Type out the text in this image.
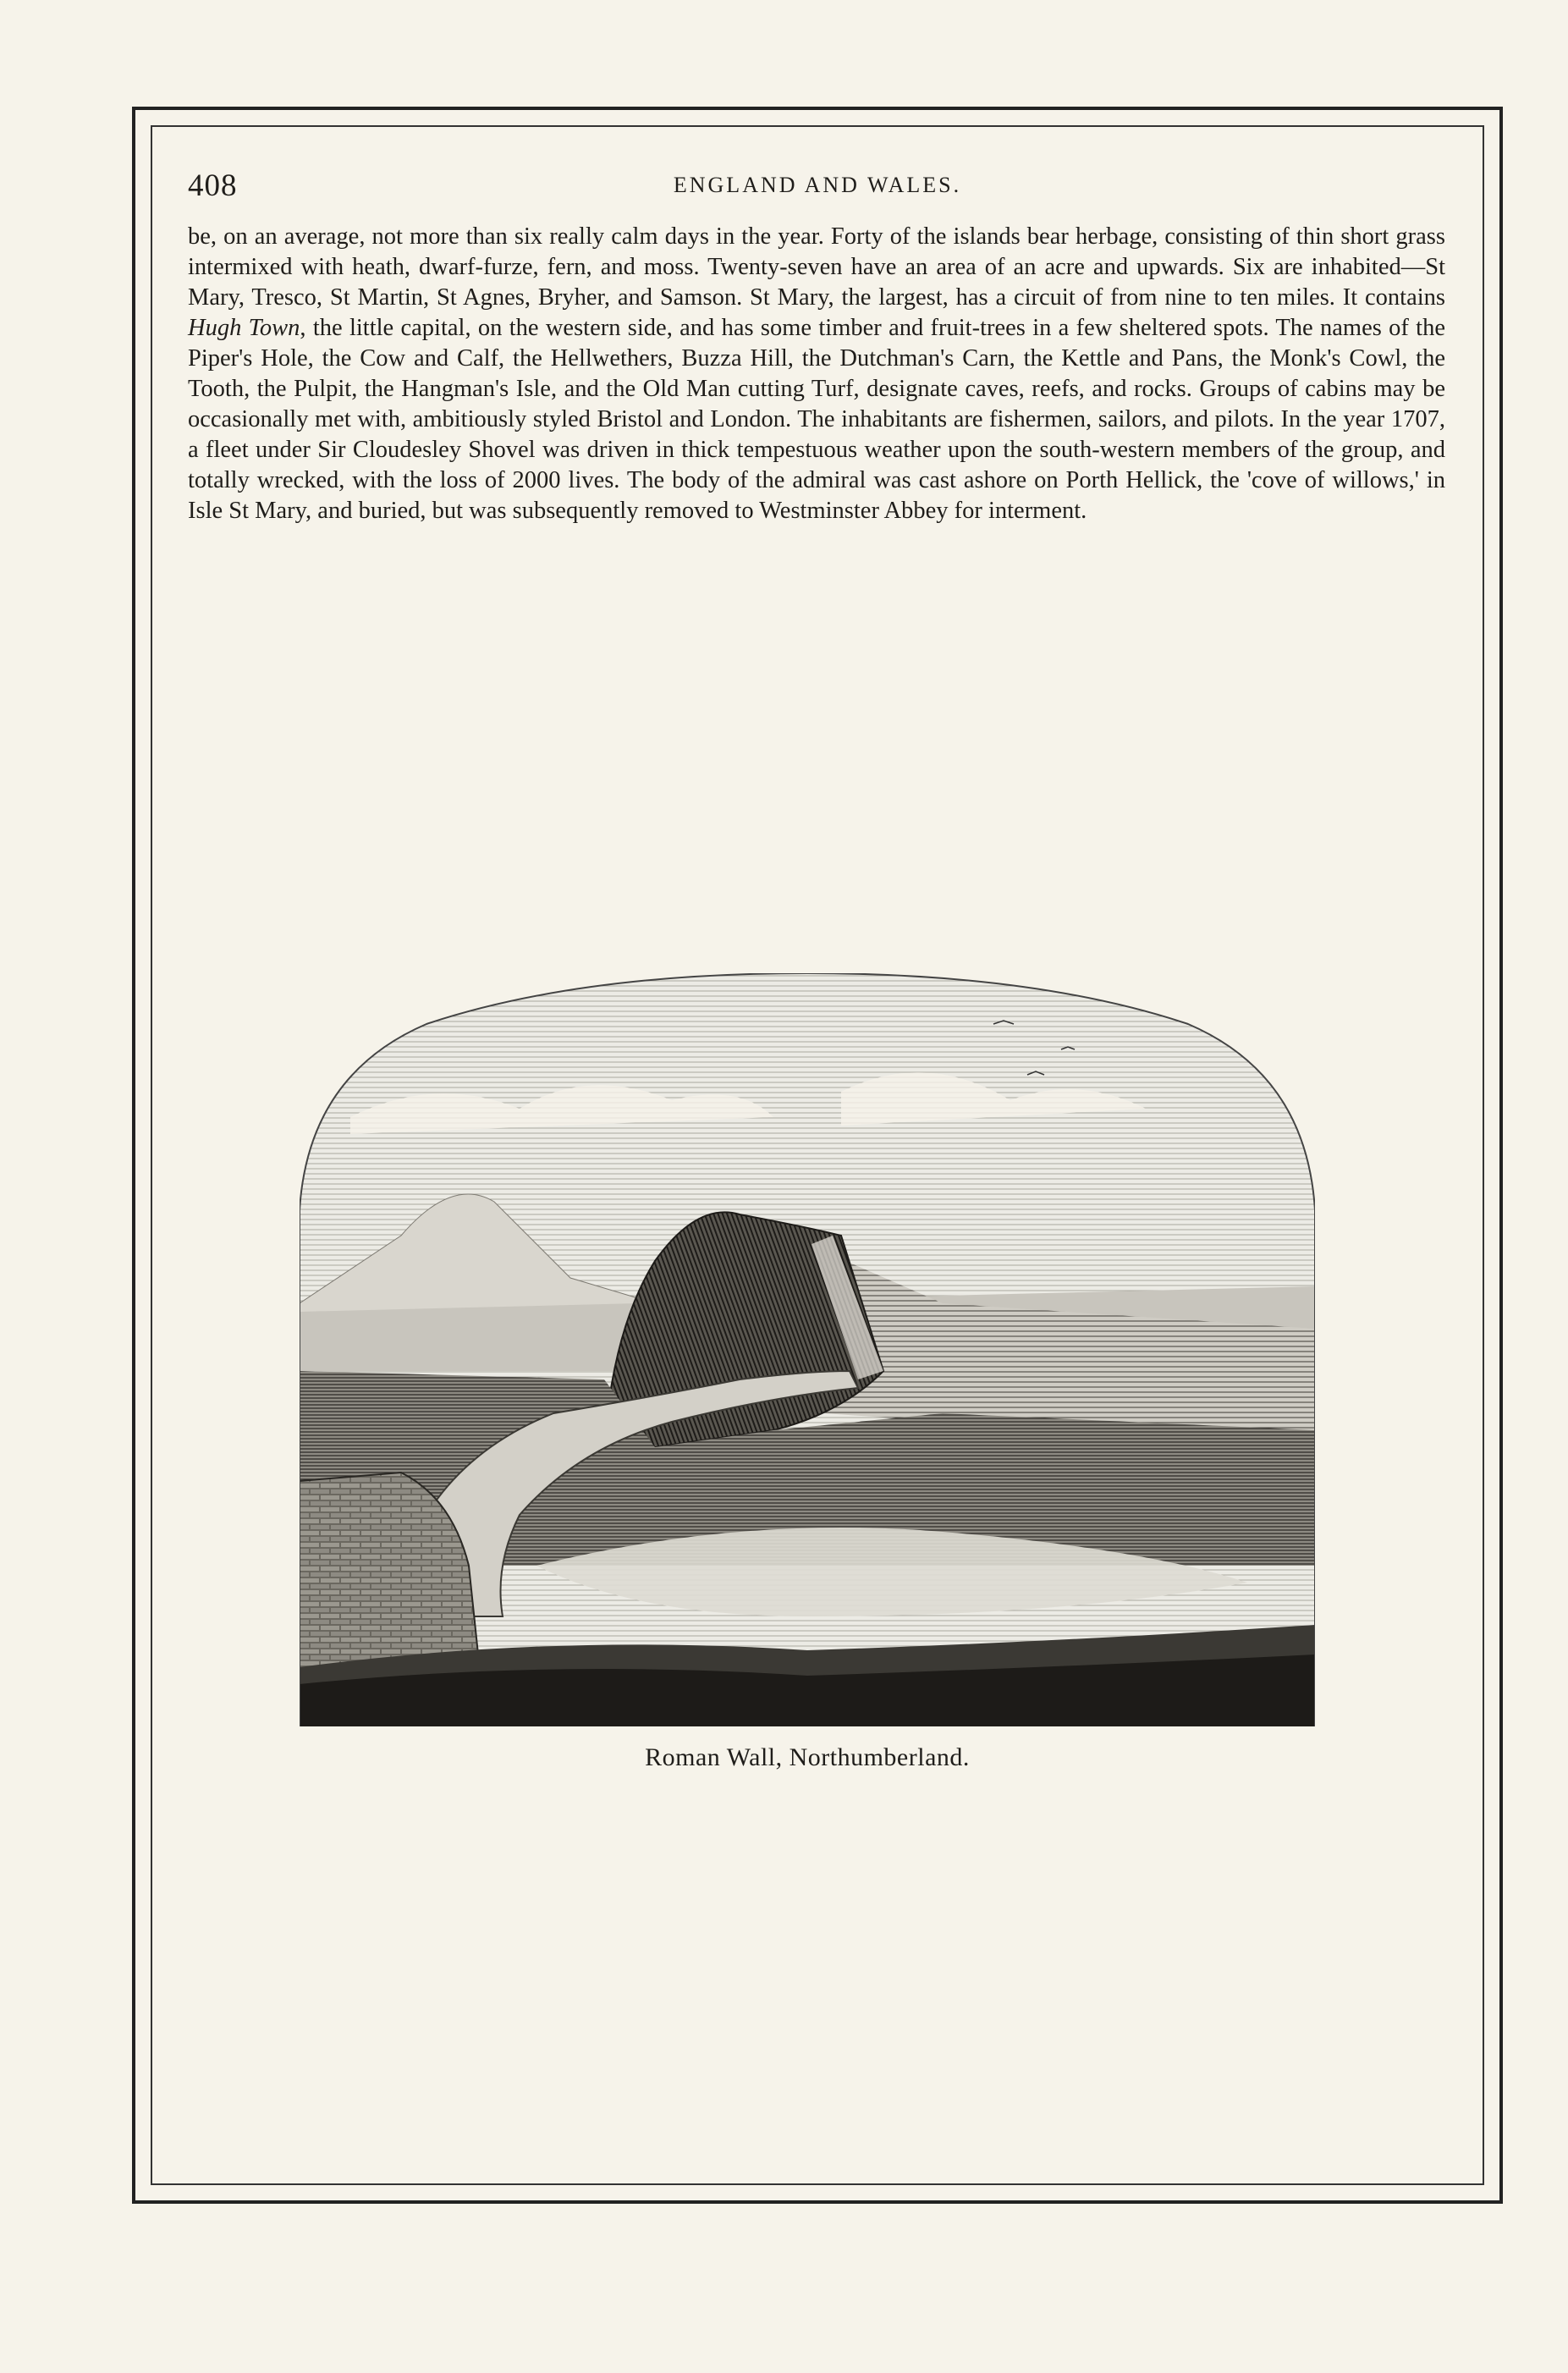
408	ENGLAND AND WALES.

be, on an average, not more than six really calm days in the year. Forty of the islands bear herbage, consisting of thin short grass intermixed with heath, dwarf-furze, fern, and moss. Twenty-seven have an area of an acre and upwards. Six are inhabited—St Mary, Tresco, St Martin, St Agnes, Bryher, and Samson. St Mary, the largest, has a circuit of from nine to ten miles. It contains Hugh Town, the little capital, on the western side, and has some timber and fruit-trees in a few sheltered spots. The names of the Piper's Hole, the Cow and Calf, the Hellwethers, Buzza Hill, the Dutchman's Carn, the Kettle and Pans, the Monk's Cowl, the Tooth, the Pulpit, the Hangman's Isle, and the Old Man cutting Turf, designate caves, reefs, and rocks. Groups of cabins may be occasionally met with, ambitiously styled Bristol and London. The inhabitants are fishermen, sailors, and pilots. In the year 1707, a fleet under Sir Cloudesley Shovel was driven in thick tempestuous weather upon the south-western members of the group, and totally wrecked, with the loss of 2000 lives. The body of the admiral was cast ashore on Porth Hellick, the 'cove of willows,' in Isle St Mary, and buried, but was subsequently removed to Westminster Abbey for interment.

Roman Wall, Northumberland.
